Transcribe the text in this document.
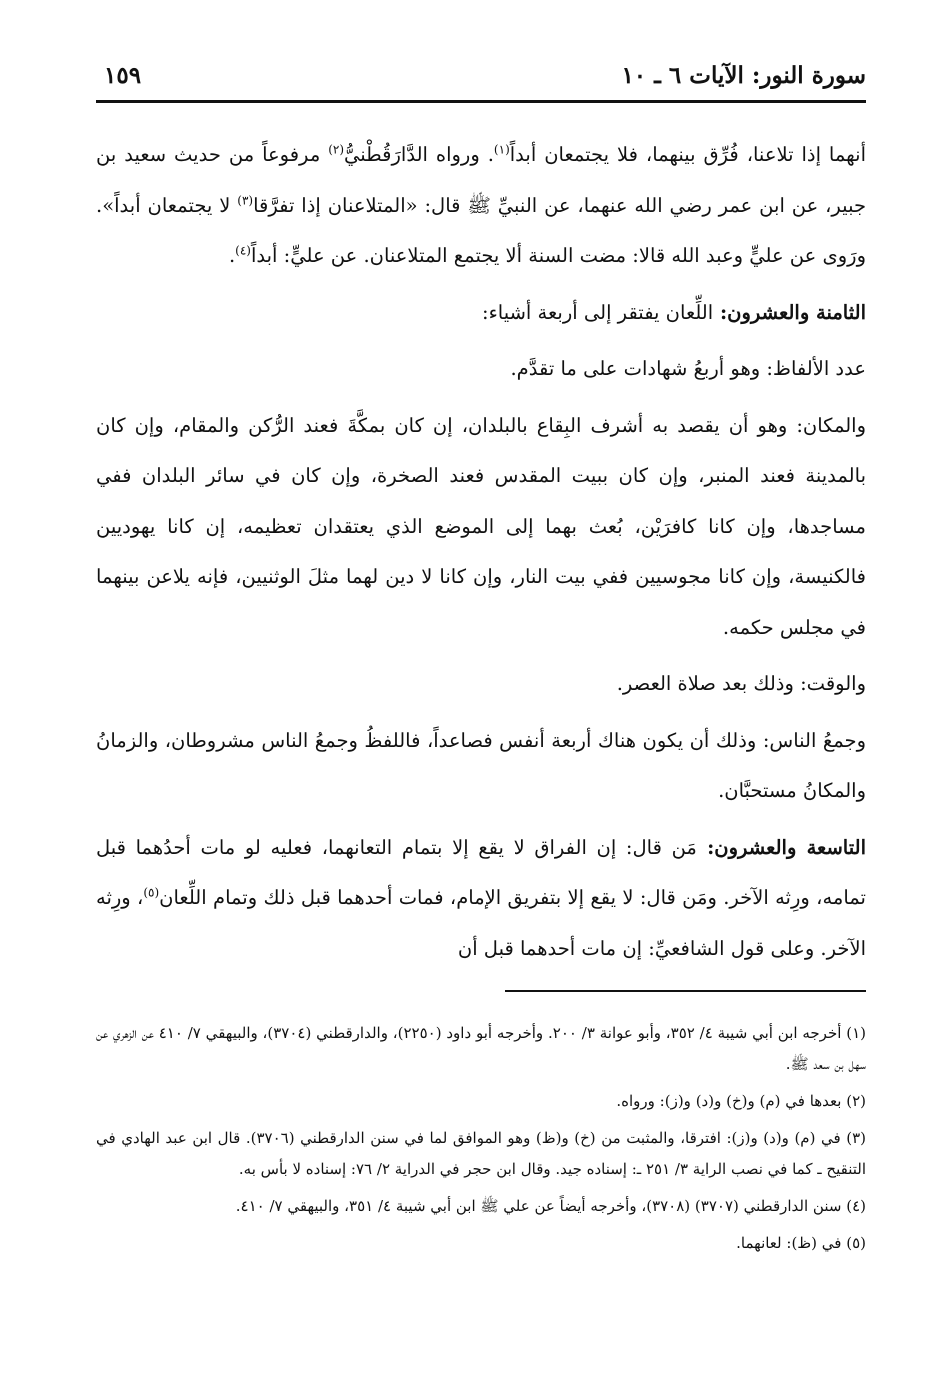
سورة النور: الآيات ٦ ـ ١٠
١٥٩

أنهما إذا تلاعنا، فُرِّق بينهما، فلا يجتمعان أبداً$^{(١)}$. ورواه الدَّارَقُطْنيُّ$^{(٢)}$ مرفوعاً من حديث سعيد بن جبير، عن ابن عمر رضي الله عنهما، عن النبيِّ ﷺ قال: «المتلاعنان إذا تفرَّقا$^{(٣)}$ لا يجتمعان أبداً». ورَوى عن عليٍّ وعبد الله قالا: مضت السنة ألا يجتمع المتلاعنان. عن عليٍّ: أبداً$^{(٤)}$.

الثامنة والعشرون: اللِّعان يفتقر إلى أربعة أشياء:

عدد الألفاظ: وهو أربعُ شهادات على ما تقدَّم.

والمكان: وهو أن يقصد به أشرف البِقاع بالبلدان، إن كان بمكَّةَ فعند الرُّكن والمقام، وإن كان بالمدينة فعند المنبر، وإن كان ببيت المقدس فعند الصخرة، وإن كان في سائر البلدان ففي مساجدها، وإن كانا كافرَيْن، بُعث بهما إلى الموضع الذي يعتقدان تعظيمه، إن كانا يهوديين فالكنيسة، وإن كانا مجوسيين ففي بيت النار، وإن كانا لا دين لهما مثلَ الوثنيين، فإنه يلاعن بينهما في مجلس حكمه.

والوقت: وذلك بعد صلاة العصر.

وجمعُ الناس: وذلك أن يكون هناك أربعة أنفس فصاعداً، فاللفظُ وجمعُ الناس مشروطان، والزمانُ والمكانُ مستحبَّان.

التاسعة والعشرون: مَن قال: إن الفراق لا يقع إلا بتمام التعانهما، فعليه لو مات أحدُهما قبل تمامه، ورِثه الآخر. ومَن قال: لا يقع إلا بتفريق الإمام، فمات أحدهما قبل ذلك وتمام اللِّعان$^{(٥)}$، ورِثه الآخر. وعلى قول الشافعيِّ: إن مات أحدهما قبل أن

(١) أخرجه ابن أبي شيبة ٤/ ٣٥٢، وأبو عوانة ٣/ ٢٠٠. وأخرجه أبو داود (٢٢٥٠)، والدارقطني (٣٧٠٤)، والبيهقي ٧/ ٤١٠ عن الزهري عن سهل بن سعد ﷺ.
(٢) بعدها في (م) و(خ) و(د) و(ز): ورواه.
(٣) في (م) و(د) و(ز): افترقا، والمثبت من (خ) و(ظ) وهو الموافق لما في سنن الدارقطني (٣٧٠٦). قال ابن عبد الهادي في التنقيح ـ كما في نصب الراية ٣/ ٢٥١ ـ: إسناده جيد. وقال ابن حجر في الدراية ٢/ ٧٦: إسناده لا بأس به.
(٤) سنن الدارقطني (٣٧٠٧) (٣٧٠٨)، وأخرجه أيضاً عن علي ﷺ ابن أبي شيبة ٤/ ٣٥١، والبيهقي ٧/ ٤١٠.
(٥) في (ظ): لعانهما.
